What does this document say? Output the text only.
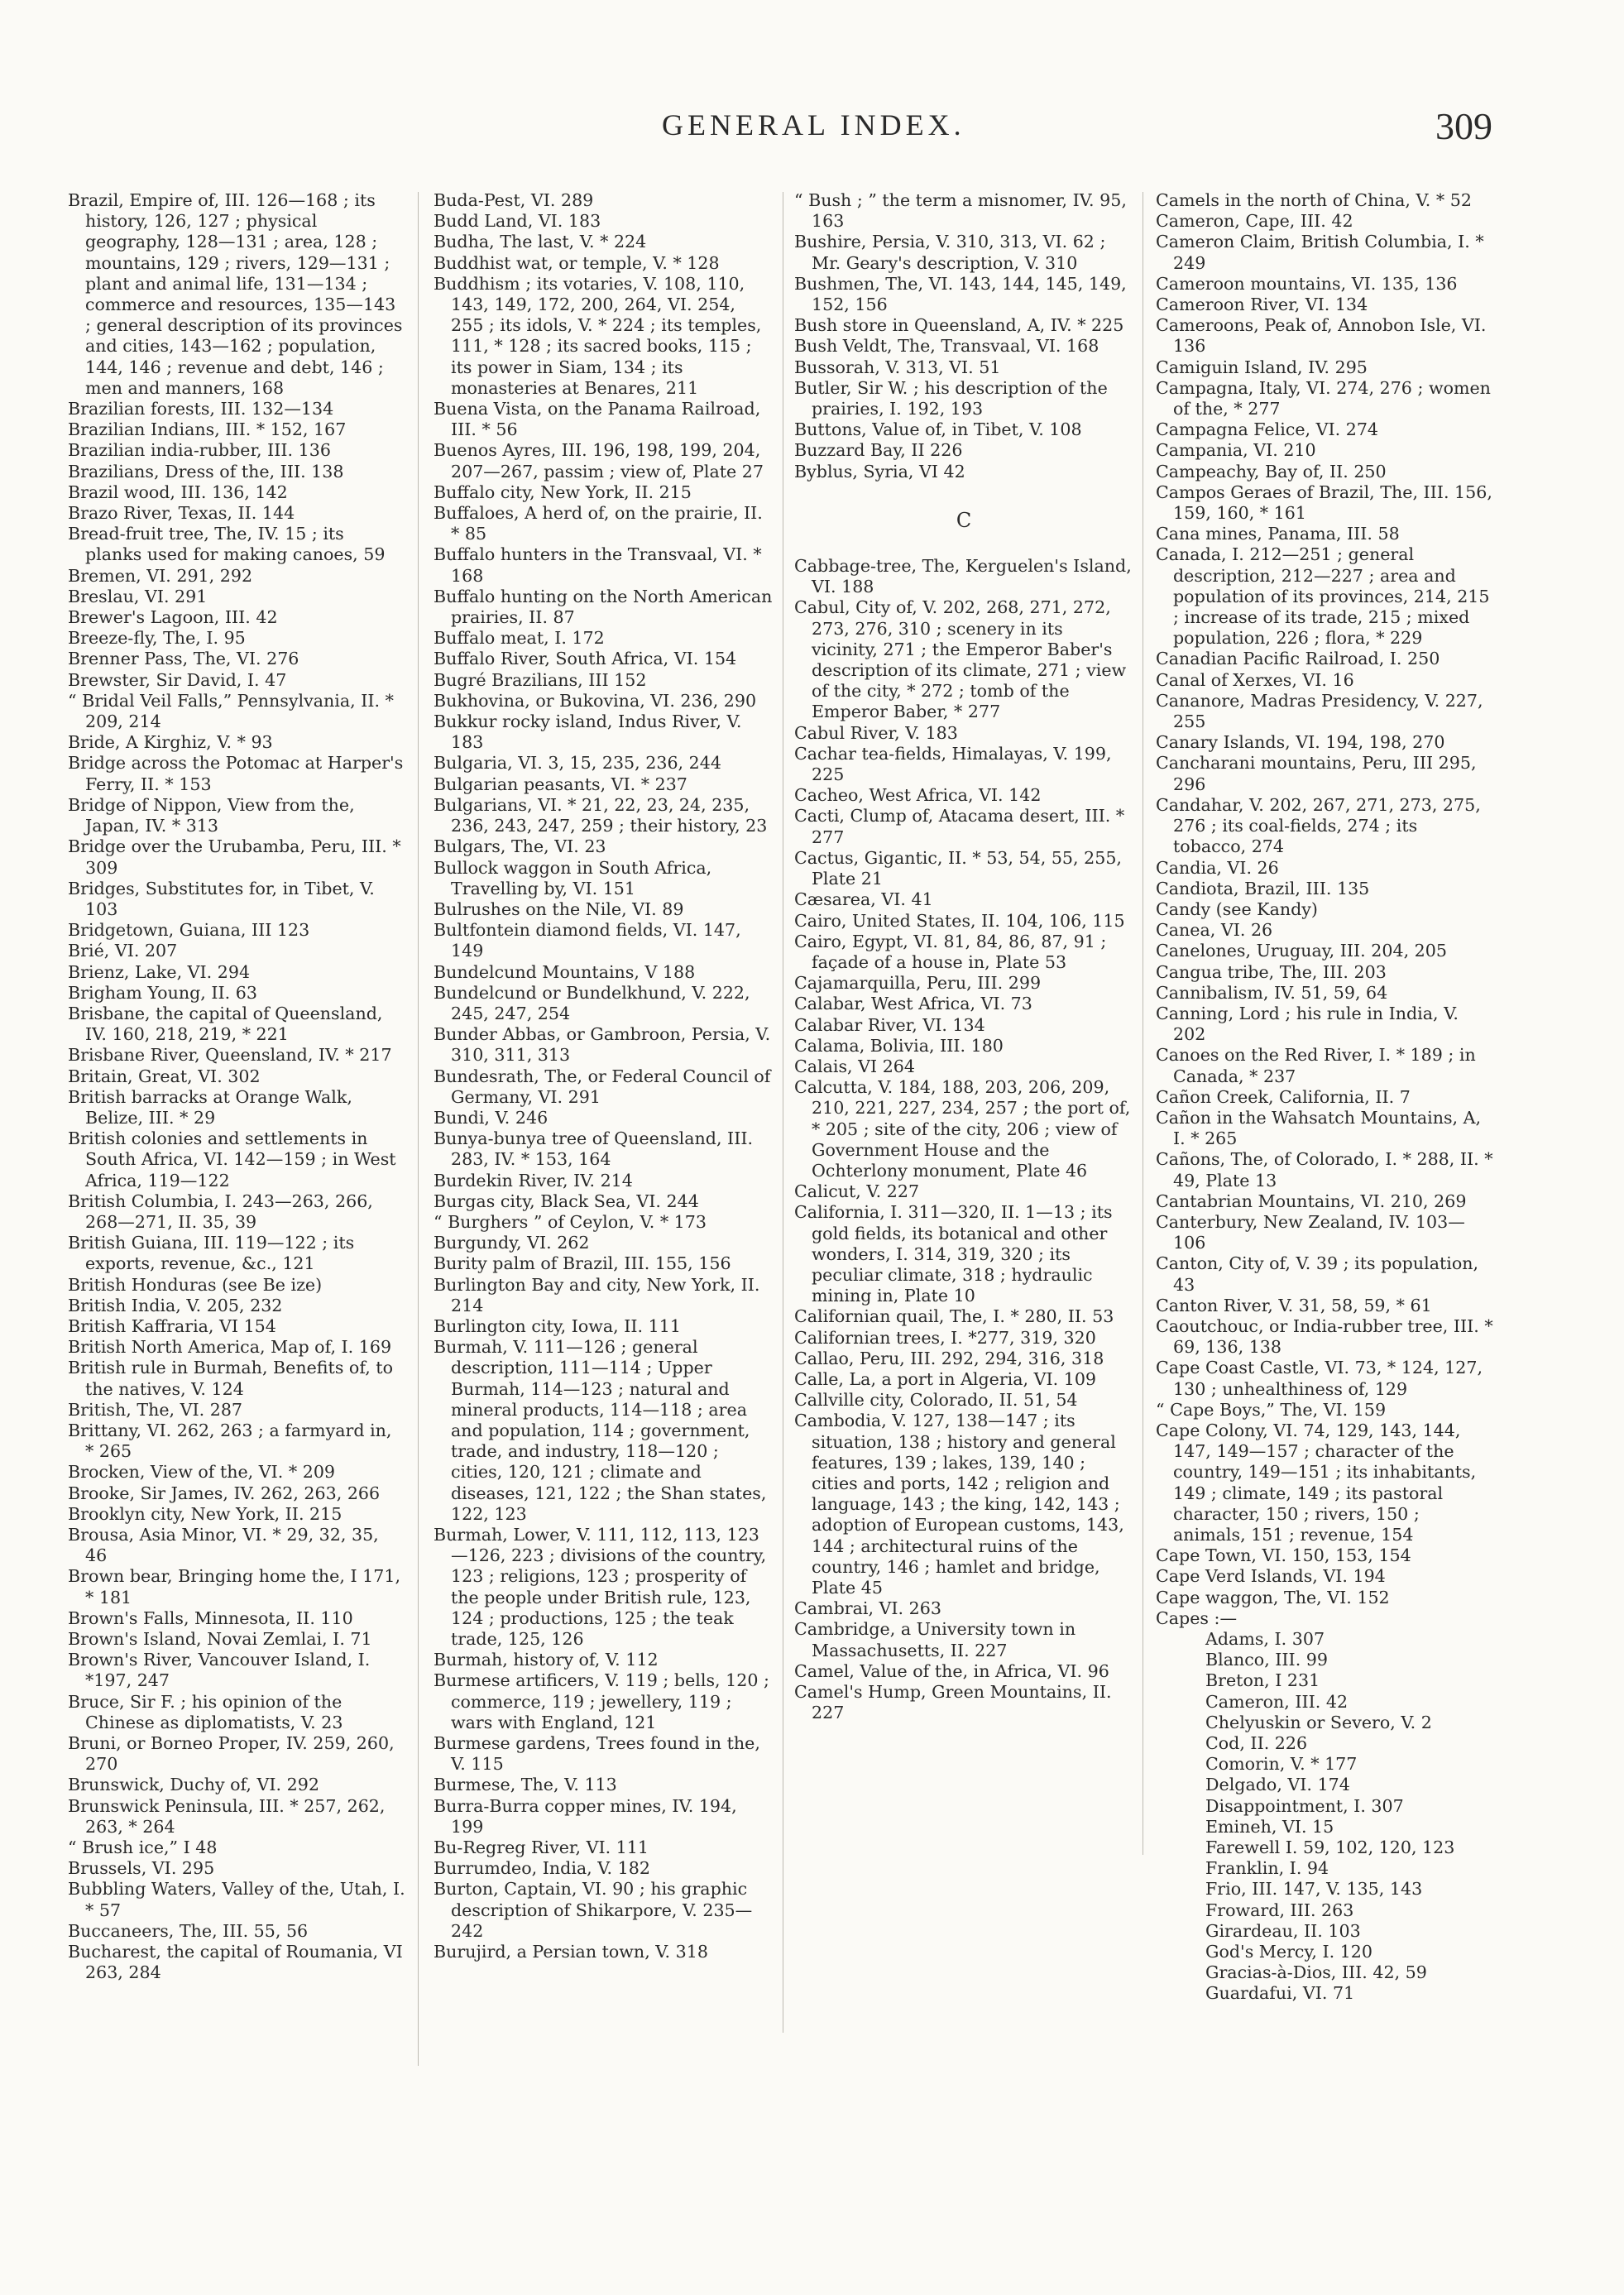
GENERAL INDEX.	309

Brazil, Empire of, III. 126—168 ; its history, 126, 127 ; physical geography, 128—131 ; area, 128 ; mountains, 129 ; rivers, 129—131 ; plant and animal life, 131—134 ; commerce and resources, 135—143 ; general description of its provinces and cities, 143—162 ; population, 144, 146 ; revenue and debt, 146 ; men and manners, 168

Brazilian forests, III. 132—134

Brazilian Indians, III. * 152, 167

Brazilian india-rubber, III. 136

Brazilians, Dress of the, III. 138

Brazil wood, III. 136, 142

Brazo River, Texas, II. 144

Bread-fruit tree, The, IV. 15 ; its planks used for making canoes, 59

Bremen, VI. 291, 292

Breslau, VI. 291

Brewer's Lagoon, III. 42

Breeze-fly, The, I. 95

Brenner Pass, The, VI. 276

Brewster, Sir David, I. 47

“ Bridal Veil Falls,” Pennsylvania, II. * 209, 214

Bride, A Kirghiz, V. * 93

Bridge across the Potomac at Harper's Ferry, II. * 153

Bridge of Nippon, View from the, Japan, IV. * 313

Bridge over the Urubamba, Peru, III. * 309

Bridges, Substitutes for, in Tibet, V. 103

Bridgetown, Guiana, III 123

Brié, VI. 207

Brienz, Lake, VI. 294

Brigham Young, II. 63

Brisbane, the capital of Queensland, IV. 160, 218, 219, * 221

Brisbane River, Queensland, IV. * 217

Britain, Great, VI. 302

British barracks at Orange Walk, Belize, III. * 29

British colonies and settlements in South Africa, VI. 142—159 ; in West Africa, 119—122

British Columbia, I. 243—263, 266, 268—271, II. 35, 39

British Guiana, III. 119—122 ; its exports, revenue, &c., 121

British Honduras (see Be ize)

British India, V. 205, 232

British Kaffraria, VI 154

British North America, Map of, I. 169

British rule in Burmah, Benefits of, to the natives, V. 124

British, The, VI. 287

Brittany, VI. 262, 263 ; a farmyard in, * 265

Brocken, View of the, VI. * 209

Brooke, Sir James, IV. 262, 263, 266

Brooklyn city, New York, II. 215

Brousa, Asia Minor, VI. * 29, 32, 35, 46

Brown bear, Bringing home the, I 171, * 181

Brown's Falls, Minnesota, II. 110

Brown's Island, Novai Zemlai, I. 71

Brown's River, Vancouver Island, I. *197, 247

Bruce, Sir F. ; his opinion of the Chinese as diplomatists, V. 23

Bruni, or Borneo Proper, IV. 259, 260, 270

Brunswick, Duchy of, VI. 292

Brunswick Peninsula, III. * 257, 262, 263, * 264

“ Brush ice,” I 48

Brussels, VI. 295

Bubbling Waters, Valley of the, Utah, I. * 57

Buccaneers, The, III. 55, 56

Bucharest, the capital of Roumania, VI 263, 284

Buda-Pest, VI. 289

Budd Land, VI. 183

Budha, The last, V. * 224

Buddhist wat, or temple, V. * 128

Buddhism ; its votaries, V. 108, 110, 143, 149, 172, 200, 264, VI. 254, 255 ; its idols, V. * 224 ; its temples, 111, * 128 ; its sacred books, 115 ; its power in Siam, 134 ; its monasteries at Benares, 211

Buena Vista, on the Panama Railroad, III. * 56

Buenos Ayres, III. 196, 198, 199, 204, 207—267, passim ; view of, Plate 27

Buffalo city, New York, II. 215

Buffaloes, A herd of, on the prairie, II. * 85

Buffalo hunters in the Transvaal, VI. * 168

Buffalo hunting on the North American prairies, II. 87

Buffalo meat, I. 172

Buffalo River, South Africa, VI. 154

Bugré Brazilians, III 152

Bukhovina, or Bukovina, VI. 236, 290

Bukkur rocky island, Indus River, V. 183

Bulgaria, VI. 3, 15, 235, 236, 244

Bulgarian peasants, VI. * 237

Bulgarians, VI. * 21, 22, 23, 24, 235, 236, 243, 247, 259 ; their history, 23

Bulgars, The, VI. 23

Bullock waggon in South Africa, Travelling by, VI. 151

Bulrushes on the Nile, VI. 89

Bultfontein diamond fields, VI. 147, 149

Bundelcund Mountains, V 188

Bundelcund or Bundelkhund, V. 222, 245, 247, 254

Bunder Abbas, or Gambroon, Persia, V. 310, 311, 313

Bundesrath, The, or Federal Council of Germany, VI. 291

Bundi, V. 246

Bunya-bunya tree of Queensland, III. 283, IV. * 153, 164

Burdekin River, IV. 214

Burgas city, Black Sea, VI. 244

“ Burghers ” of Ceylon, V. * 173

Burgundy, VI. 262

Burity palm of Brazil, III. 155, 156

Burlington Bay and city, New York, II. 214

Burlington city, Iowa, II. 111

Burmah, V. 111—126 ; general description, 111—114 ; Upper Burmah, 114—123 ; natural and mineral products, 114—118 ; area and population, 114 ; government, trade, and industry, 118—120 ; cities, 120, 121 ; climate and diseases, 121, 122 ; the Shan states, 122, 123

Burmah, Lower, V. 111, 112, 113, 123—126, 223 ; divisions of the country, 123 ; religions, 123 ; prosperity of the people under British rule, 123, 124 ; productions, 125 ; the teak trade, 125, 126

Burmah, history of, V. 112

Burmese artificers, V. 119 ; bells, 120 ; commerce, 119 ; jewellery, 119 ; wars with England, 121

Burmese gardens, Trees found in the, V. 115

Burmese, The, V. 113

Burra-Burra copper mines, IV. 194, 199

Bu-Regreg River, VI. 111

Burrumdeo, India, V. 182

Burton, Captain, VI. 90 ; his graphic description of Shikarpore, V. 235—242

Burujird, a Persian town, V. 318

“ Bush ; ” the term a misnomer, IV. 95, 163

Bushire, Persia, V. 310, 313, VI. 62 ; Mr. Geary's description, V. 310

Bushmen, The, VI. 143, 144, 145, 149, 152, 156

Bush store in Queensland, A, IV. * 225

Bush Veldt, The, Transvaal, VI. 168

Bussorah, V. 313, VI. 51

Butler, Sir W. ; his description of the prairies, I. 192, 193

Buttons, Value of, in Tibet, V. 108

Buzzard Bay, II 226

Byblus, Syria, VI 42

C

Cabbage-tree, The, Kerguelen's Island, VI. 188

Cabul, City of, V. 202, 268, 271, 272, 273, 276, 310 ; scenery in its vicinity, 271 ; the Emperor Baber's description of its climate, 271 ; view of the city, * 272 ; tomb of the Emperor Baber, * 277

Cabul River, V. 183

Cachar tea-fields, Himalayas, V. 199, 225

Cacheo, West Africa, VI. 142

Cacti, Clump of, Atacama desert, III. * 277

Cactus, Gigantic, II. * 53, 54, 55, 255, Plate 21

Cæsarea, VI. 41

Cairo, United States, II. 104, 106, 115

Cairo, Egypt, VI. 81, 84, 86, 87, 91 ; façade of a house in, Plate 53

Cajamarquilla, Peru, III. 299

Calabar, West Africa, VI. 73

Calabar River, VI. 134

Calama, Bolivia, III. 180

Calais, VI 264

Calcutta, V. 184, 188, 203, 206, 209, 210, 221, 227, 234, 257 ; the port of, * 205 ; site of the city, 206 ; view of Government House and the Ochterlony monument, Plate 46

Calicut, V. 227

California, I. 311—320, II. 1—13 ; its gold fields, its botanical and other wonders, I. 314, 319, 320 ; its peculiar climate, 318 ; hydraulic mining in, Plate 10

Californian quail, The, I. * 280, II. 53

Californian trees, I. *277, 319, 320

Callao, Peru, III. 292, 294, 316, 318

Calle, La, a port in Algeria, VI. 109

Callville city, Colorado, II. 51, 54

Cambodia, V. 127, 138—147 ; its situation, 138 ; history and general features, 139 ; lakes, 139, 140 ; cities and ports, 142 ; religion and language, 143 ; the king, 142, 143 ; adoption of European customs, 143, 144 ; architectural ruins of the country, 146 ; hamlet and bridge, Plate 45

Cambrai, VI. 263

Cambridge, a University town in Massachusetts, II. 227

Camel, Value of the, in Africa, VI. 96

Camel's Hump, Green Mountains, II. 227

Camels in the north of China, V. * 52

Cameron, Cape, III. 42

Cameron Claim, British Columbia, I. * 249

Cameroon mountains, VI. 135, 136

Cameroon River, VI. 134

Cameroons, Peak of, Annobon Isle, VI. 136

Camiguin Island, IV. 295

Campagna, Italy, VI. 274, 276 ; women of the, * 277

Campagna Felice, VI. 274

Campania, VI. 210

Campeachy, Bay of, II. 250

Campos Geraes of Brazil, The, III. 156, 159, 160, * 161

Cana mines, Panama, III. 58

Canada, I. 212—251 ; general description, 212—227 ; area and population of its provinces, 214, 215 ; increase of its trade, 215 ; mixed population, 226 ; flora, * 229

Canadian Pacific Railroad, I. 250

Canal of Xerxes, VI. 16

Cananore, Madras Presidency, V. 227, 255

Canary Islands, VI. 194, 198, 270

Cancharani mountains, Peru, III 295, 296

Candahar, V. 202, 267, 271, 273, 275, 276 ; its coal-fields, 274 ; its tobacco, 274

Candia, VI. 26

Candiota, Brazil, III. 135

Candy (see Kandy)

Canea, VI. 26

Canelones, Uruguay, III. 204, 205

Cangua tribe, The, III. 203

Cannibalism, IV. 51, 59, 64

Canning, Lord ; his rule in India, V. 202

Canoes on the Red River, I. * 189 ; in Canada, * 237

Cañon Creek, California, II. 7

Cañon in the Wahsatch Mountains, A, I. * 265

Cañons, The, of Colorado, I. * 288, II. * 49, Plate 13

Cantabrian Mountains, VI. 210, 269

Canterbury, New Zealand, IV. 103—106

Canton, City of, V. 39 ; its population, 43

Canton River, V. 31, 58, 59, * 61

Caoutchouc, or India-rubber tree, III. * 69, 136, 138

Cape Coast Castle, VI. 73, * 124, 127, 130 ; unhealthiness of, 129

“ Cape Boys,” The, VI. 159

Cape Colony, VI. 74, 129, 143, 144, 147, 149—157 ; character of the country, 149—151 ; its inhabitants, 149 ; climate, 149 ; its pastoral character, 150 ; rivers, 150 ; animals, 151 ; revenue, 154

Cape Town, VI. 150, 153, 154

Cape Verd Islands, VI. 194

Cape waggon, The, VI. 152

Capes :—

Adams, I. 307

Blanco, III. 99

Breton, I 231

Cameron, III. 42

Chelyuskin or Severo, V. 2

Cod, II. 226

Comorin, V. * 177

Delgado, VI. 174

Disappointment, I. 307

Emineh, VI. 15

Farewell I. 59, 102, 120, 123

Franklin, I. 94

Frio, III. 147, V. 135, 143

Froward, III. 263

Girardeau, II. 103

God's Mercy, I. 120

Gracias-à-Dios, III. 42, 59

Guardafui, VI. 71
